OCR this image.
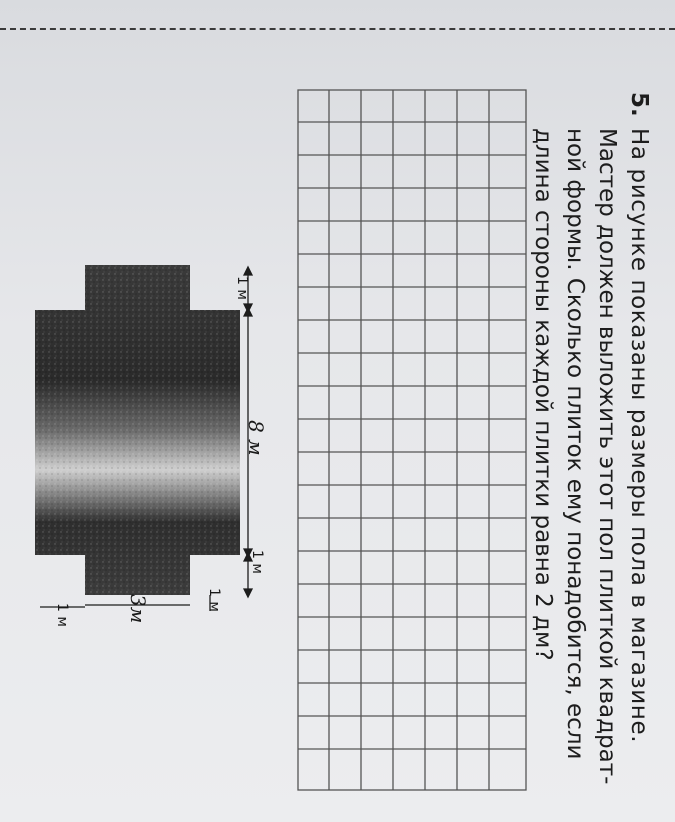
5.
На рисунке показаны размеры пола в магазине.
Мастер должен выложить этот пол плиткой квадрат-
ной формы. Сколько плиток ему понадобится, если
длина стороны каждой плитки равна 2 дм?
1 м
8 м
1 м
1 м
3м
1 м
